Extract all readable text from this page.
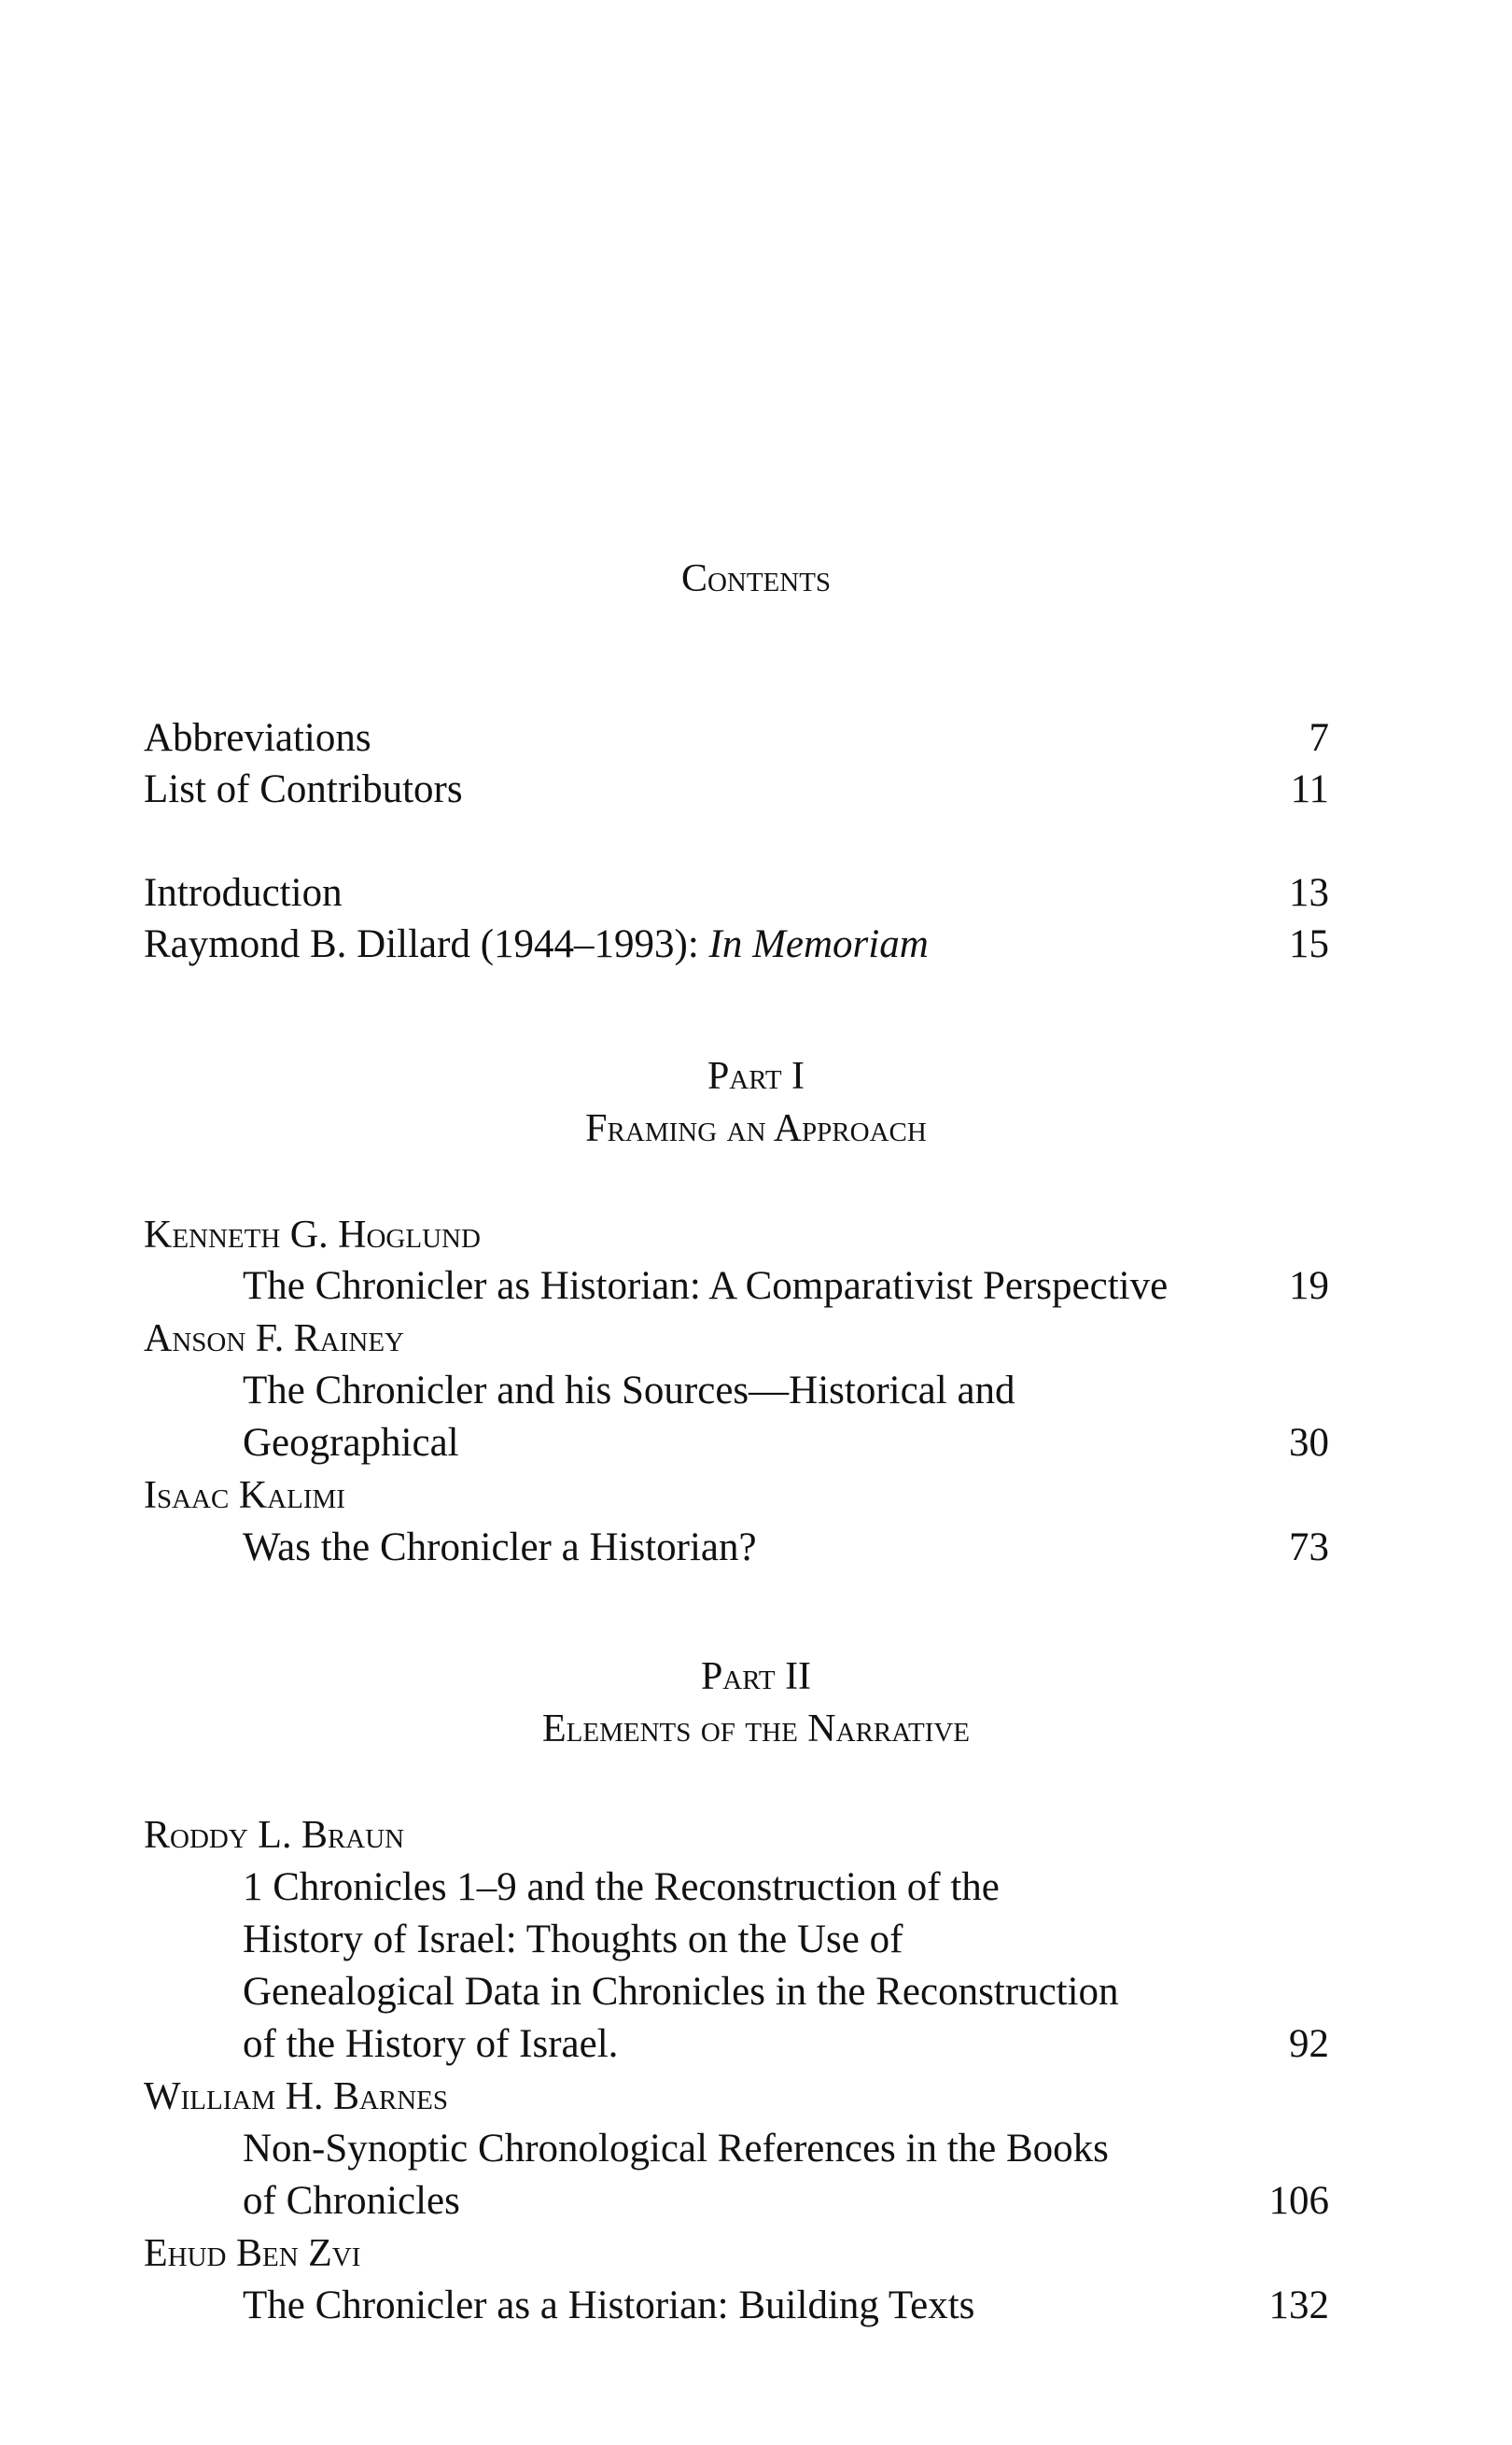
Contents
Abbreviations	7
List of Contributors	11
Introduction	13
Raymond B. Dillard (1944–1993): In Memoriam	15
Part I
Framing an Approach
Kenneth G. Hoglund
The Chronicler as Historian: A Comparativist Perspective	19
Anson F. Rainey
The Chronicler and his Sources—Historical and
Geographical	30
Isaac Kalimi
Was the Chronicler a Historian?	73
Part II
Elements of the Narrative
Roddy L. Braun
1 Chronicles 1–9 and the Reconstruction of the
History of Israel: Thoughts on the Use of
Genealogical Data in Chronicles in the Reconstruction
of the History of Israel.	92
William H. Barnes
Non-Synoptic Chronological References in the Books
of Chronicles	106
Ehud Ben Zvi
The Chronicler as a Historian: Building Texts	132
